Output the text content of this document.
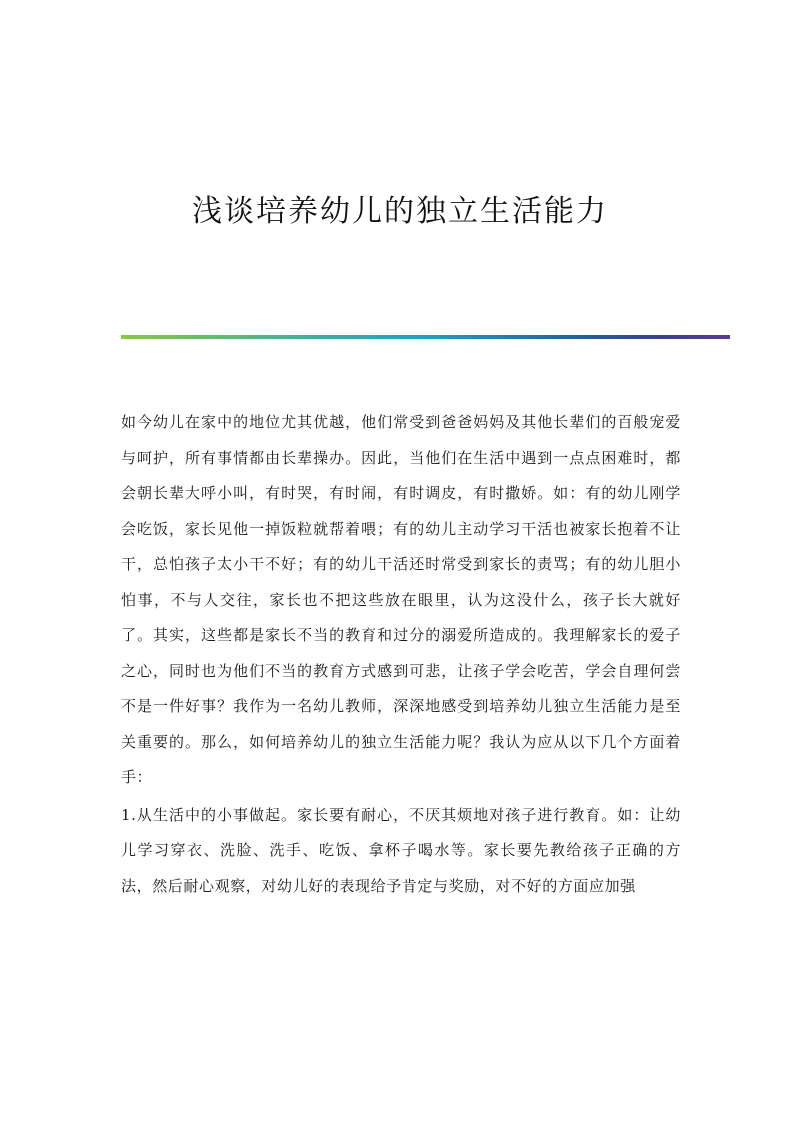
浅谈培养幼儿的独立生活能力

如今幼儿在家中的地位尤其优越，他们常受到爸爸妈妈及其他长辈们的百般宠爱与呵护，所有事情都由长辈操办。因此，当他们在生活中遇到一点点困难时，都会朝长辈大呼小叫，有时哭，有时闹，有时调皮，有时撒娇。如：有的幼儿刚学会吃饭，家长见他一掉饭粒就帮着喂；有的幼儿主动学习干活也被家长抱着不让干，总怕孩子太小干不好；有的幼儿干活还时常受到家长的责骂；有的幼儿胆小怕事，不与人交往，家长也不把这些放在眼里，认为这没什么，孩子长大就好了。其实，这些都是家长不当的教育和过分的溺爱所造成的。我理解家长的爱子之心，同时也为他们不当的教育方式感到可悲，让孩子学会吃苦，学会自理何尝不是一件好事？我作为一名幼儿教师，深深地感受到培养幼儿独立生活能力是至关重要的。那么，如何培养幼儿的独立生活能力呢？我认为应从以下几个方面着手：

1.从生活中的小事做起。家长要有耐心，不厌其烦地对孩子进行教育。如：让幼儿学习穿衣、洗脸、洗手、吃饭、拿杯子喝水等。家长要先教给孩子正确的方法，然后耐心观察，对幼儿好的表现给予肯定与奖励，对不好的方面应加强
